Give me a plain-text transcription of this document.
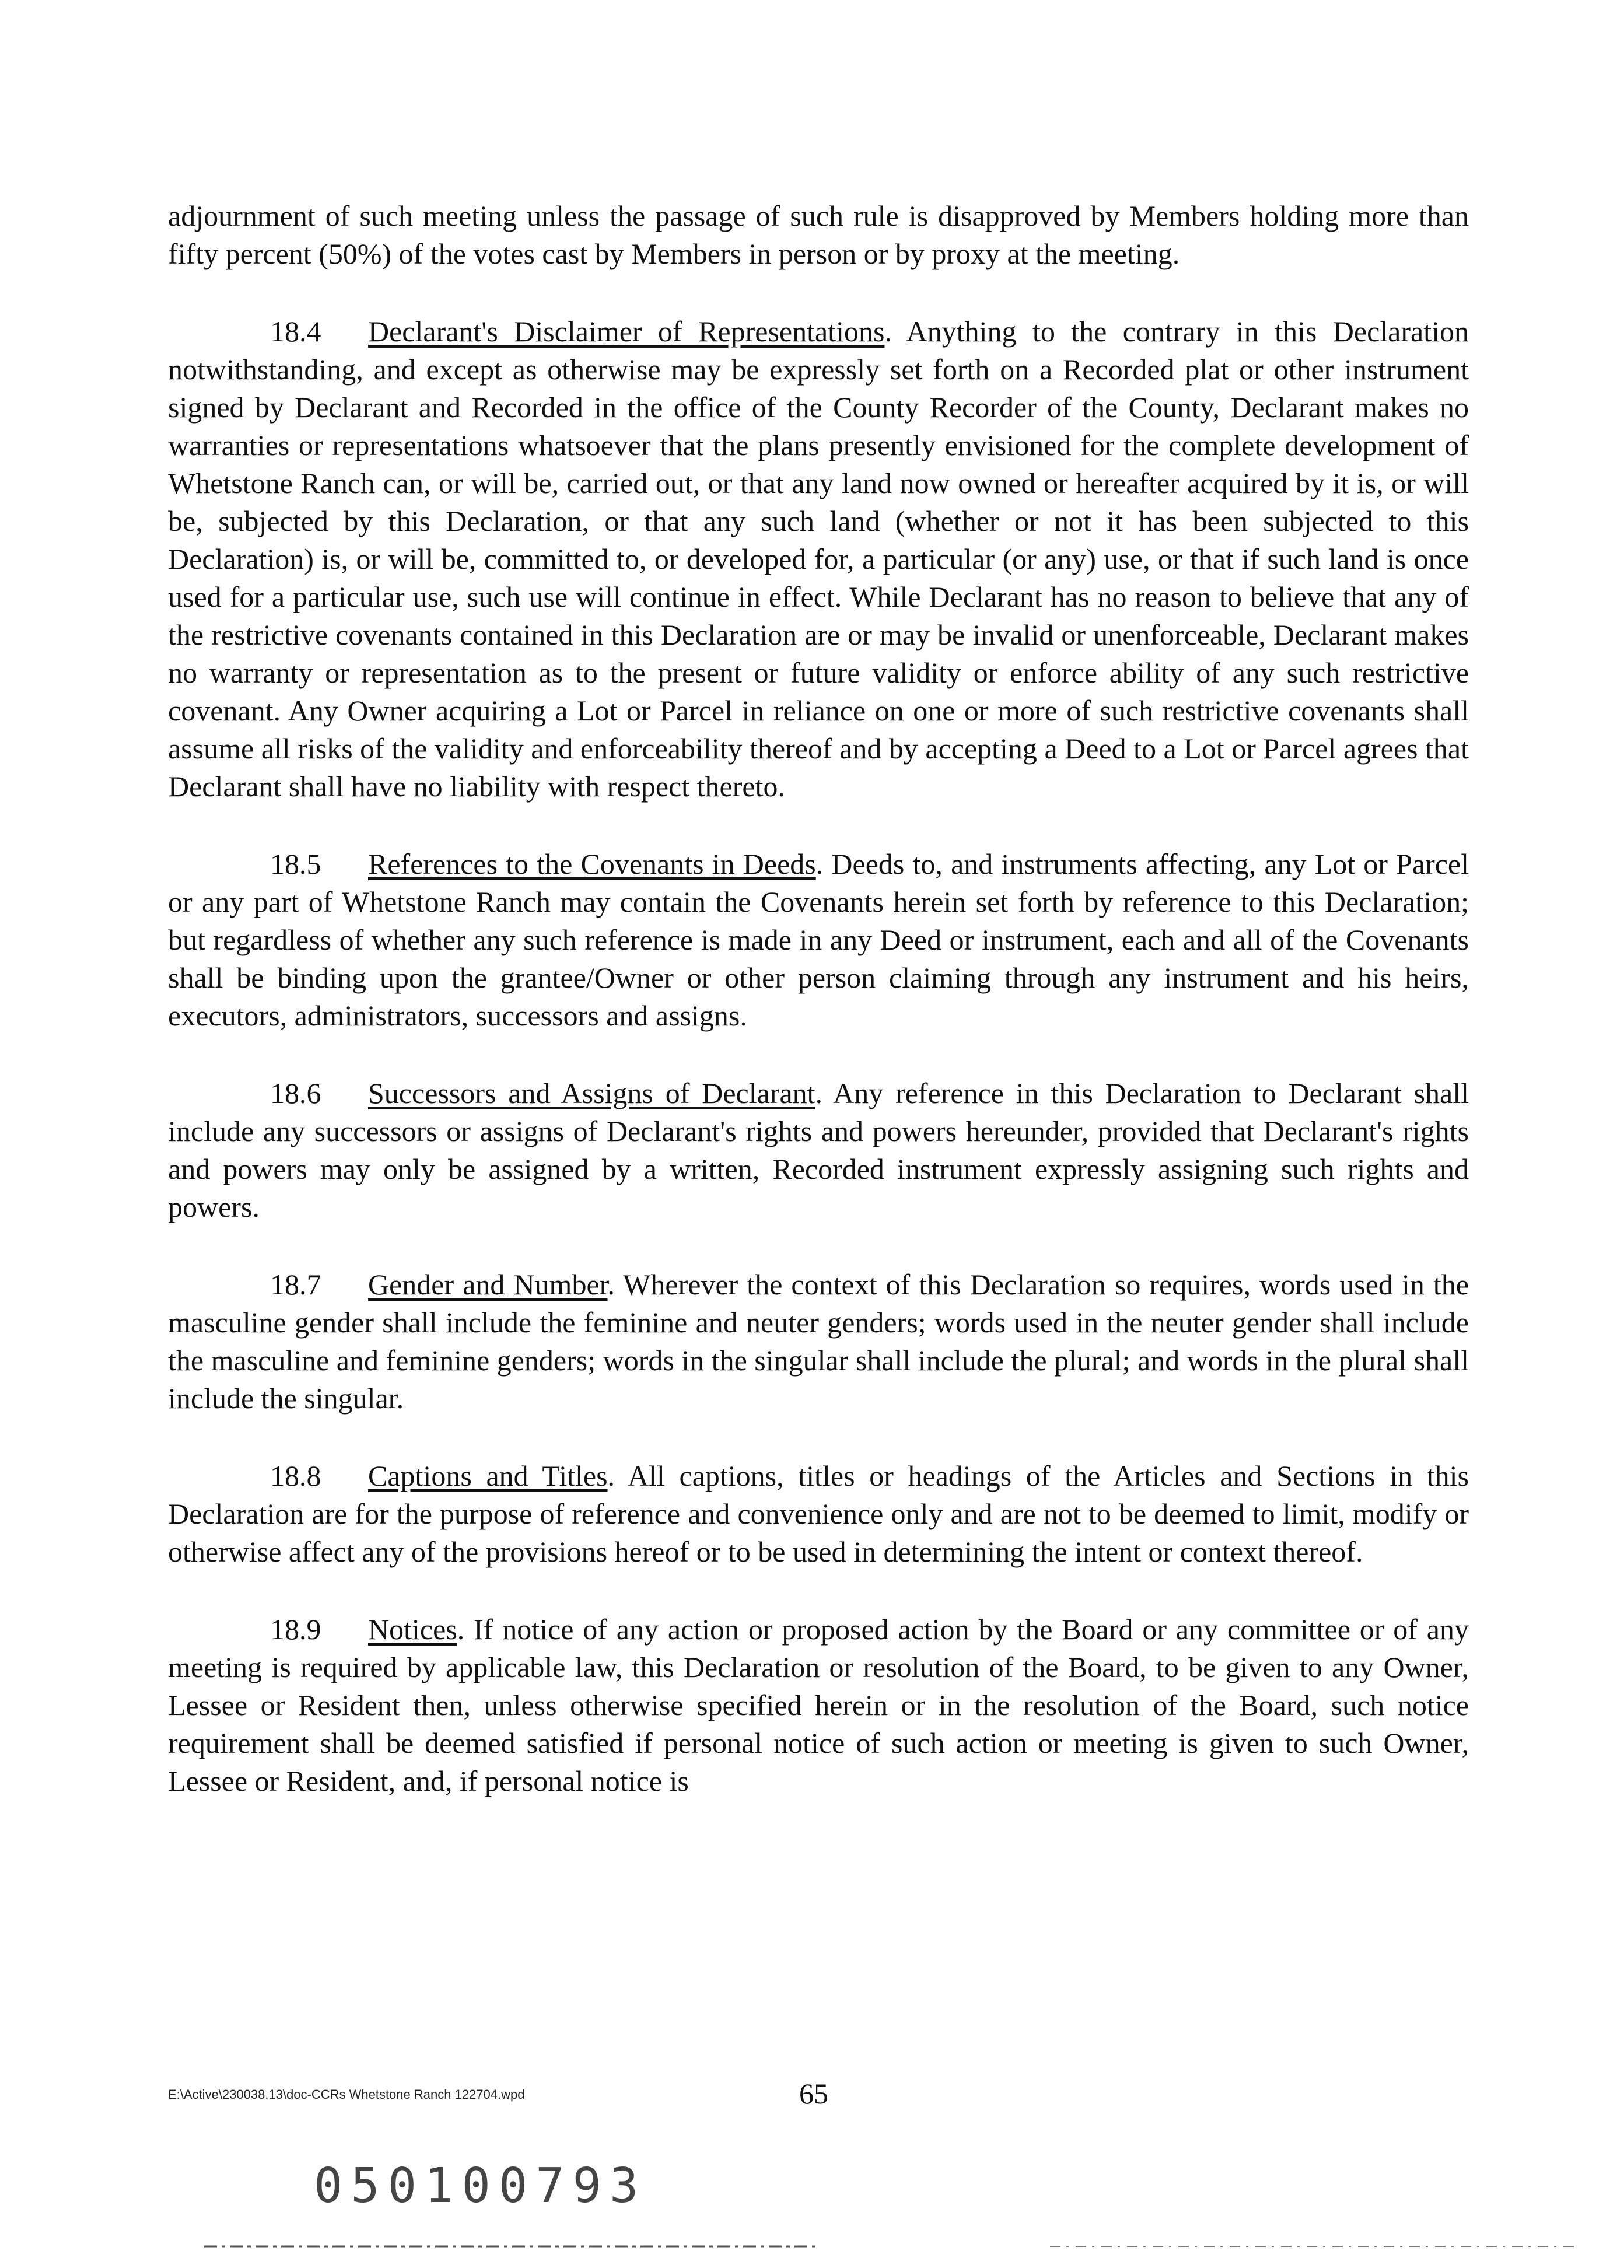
adjournment of such meeting unless the passage of such rule is disapproved by Members holding more than fifty percent (50%) of the votes cast by Members in person or by proxy at the meeting.

18.4 Declarant's Disclaimer of Representations. Anything to the contrary in this Declaration notwithstanding, and except as otherwise may be expressly set forth on a Recorded plat or other instrument signed by Declarant and Recorded in the office of the County Recorder of the County, Declarant makes no warranties or representations whatsoever that the plans presently envisioned for the complete development of Whetstone Ranch can, or will be, carried out, or that any land now owned or hereafter acquired by it is, or will be, subjected by this Declaration, or that any such land (whether or not it has been subjected to this Declaration) is, or will be, committed to, or developed for, a particular (or any) use, or that if such land is once used for a particular use, such use will continue in effect. While Declarant has no reason to believe that any of the restrictive covenants contained in this Declaration are or may be invalid or unenforceable, Declarant makes no warranty or representation as to the present or future validity or enforce ability of any such restrictive covenant. Any Owner acquiring a Lot or Parcel in reliance on one or more of such restrictive covenants shall assume all risks of the validity and enforceability thereof and by accepting a Deed to a Lot or Parcel agrees that Declarant shall have no liability with respect thereto.

18.5 References to the Covenants in Deeds. Deeds to, and instruments affecting, any Lot or Parcel or any part of Whetstone Ranch may contain the Covenants herein set forth by reference to this Declaration; but regardless of whether any such reference is made in any Deed or instrument, each and all of the Covenants shall be binding upon the grantee/Owner or other person claiming through any instrument and his heirs, executors, administrators, successors and assigns.

18.6 Successors and Assigns of Declarant. Any reference in this Declaration to Declarant shall include any successors or assigns of Declarant's rights and powers hereunder, provided that Declarant's rights and powers may only be assigned by a written, Recorded instrument expressly assigning such rights and powers.

18.7 Gender and Number. Wherever the context of this Declaration so requires, words used in the masculine gender shall include the feminine and neuter genders; words used in the neuter gender shall include the masculine and feminine genders; words in the singular shall include the plural; and words in the plural shall include the singular.

18.8 Captions and Titles. All captions, titles or headings of the Articles and Sections in this Declaration are for the purpose of reference and convenience only and are not to be deemed to limit, modify or otherwise affect any of the provisions hereof or to be used in determining the intent or context thereof.

18.9 Notices. If notice of any action or proposed action by the Board or any committee or of any meeting is required by applicable law, this Declaration or resolution of the Board, to be given to any Owner, Lessee or Resident then, unless otherwise specified herein or in the resolution of the Board, such notice requirement shall be deemed satisfied if personal notice of such action or meeting is given to such Owner, Lessee or Resident, and, if personal notice is

E:\Active\230038.13\doc-CCRs Whetstone Ranch 122704.wpd	65
050100793
